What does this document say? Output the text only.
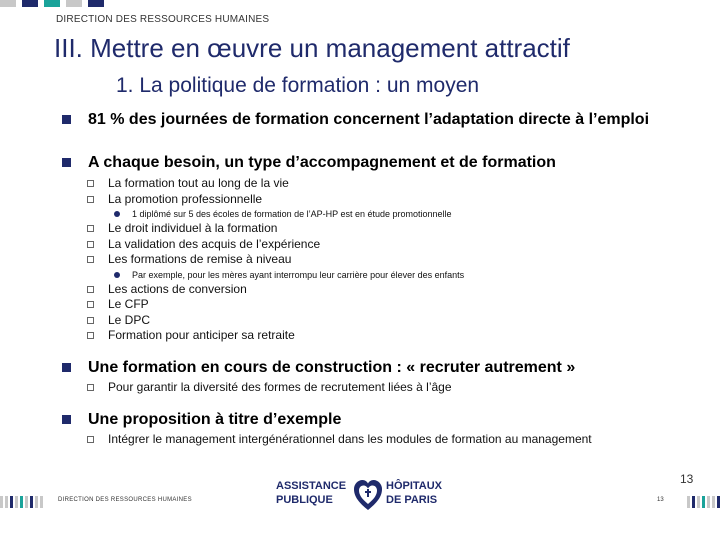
DIRECTION DES RESSOURCES HUMAINES
III. Mettre en œuvre un management attractif
1. La politique de formation : un moyen
81 % des journées de formation concernent l’adaptation directe à l’emploi
A chaque besoin, un type d’accompagnement et de formation
La formation tout au long de la vie
La promotion professionnelle
1 diplômé sur 5 des écoles de formation de l’AP-HP est en étude promotionnelle
Le droit individuel à la formation
La validation des acquis de l’expérience
Les formations de remise à niveau
Par exemple, pour les mères ayant interrompu leur carrière pour élever des enfants
Les actions de conversion
Le CFP
Le DPC
Formation pour anticiper sa retraite
Une formation en cours de construction : « recruter autrement »
Pour garantir la diversité des formes de recrutement liées à l’âge
Une proposition à titre d’exemple
Intégrer le management intergénérationnel dans les modules de formation au management
13
DIRECTION DES RESSOURCES HUMAINES
ASSISTANCE
PUBLIQUE
HÔPITAUX
DE PARIS	13
